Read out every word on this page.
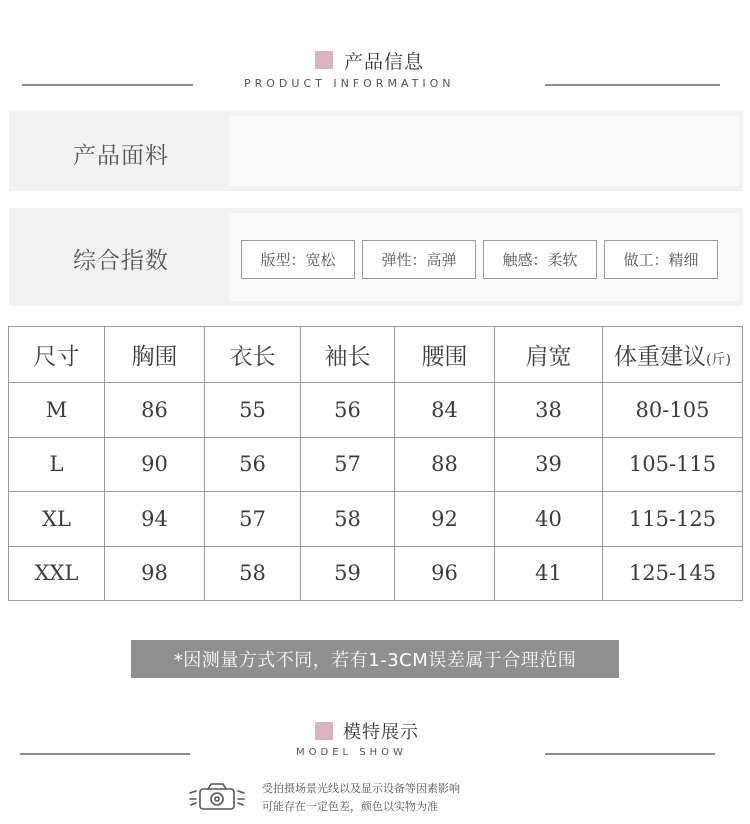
产品信息
PRODUCT INFORMATION
产品面料
综合指数	版型：宽松	弹性：高弹	触感：柔软	做工：精细
尺寸	胸围	衣长	袖长	腰围	肩宽	体重建议(斤)
M	86	55	56	84	38	80-105
L	90	56	57	88	39	105-115
XL	94	57	58	92	40	115-125
XXL	98	58	59	96	41	125-145
*因测量方式不同，若有1-3CM误差属于合理范围
模特展示
MODEL SHOW
受拍摄场景光线以及显示设备等因素影响
可能存在一定色差，颜色以实物为准
